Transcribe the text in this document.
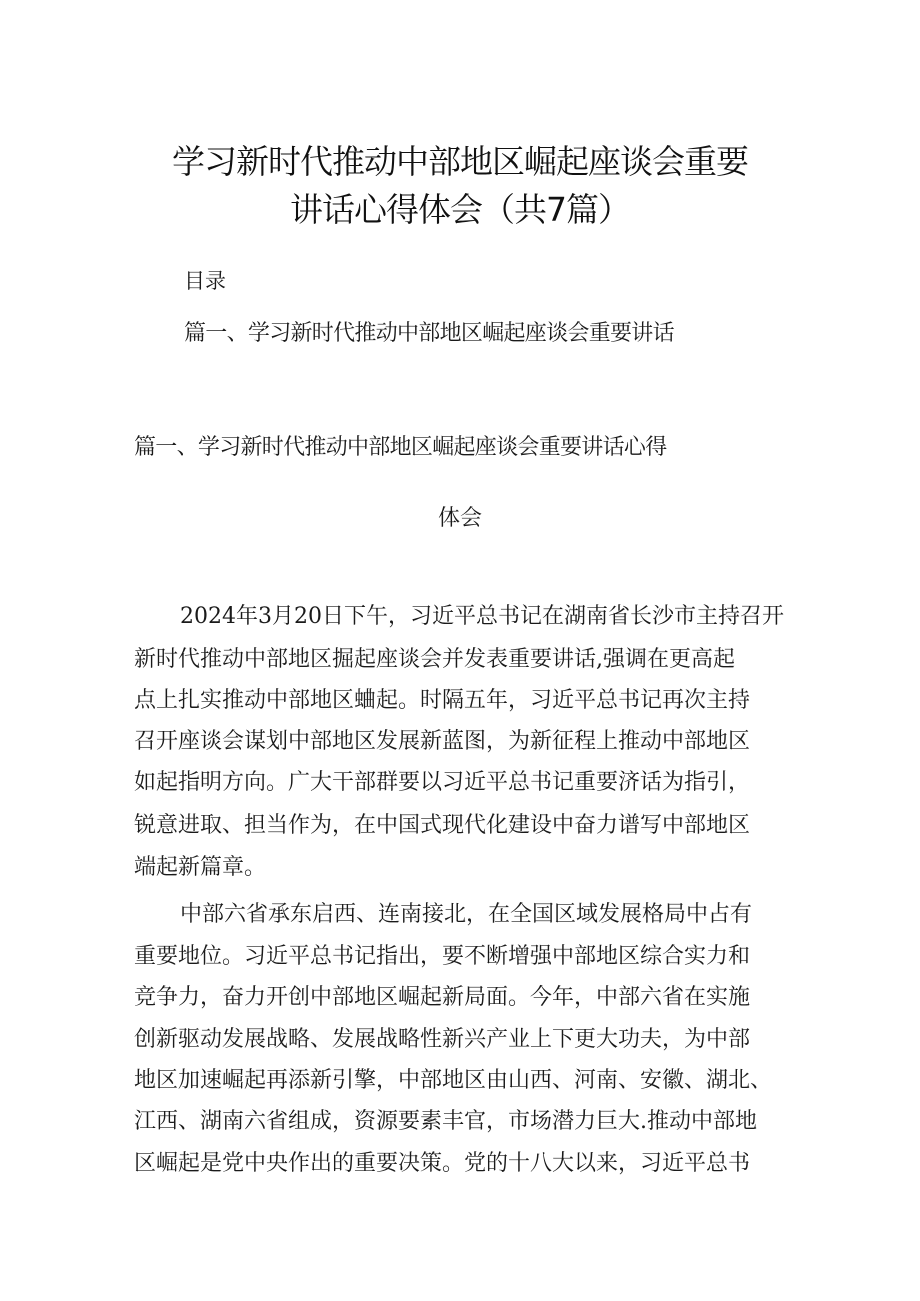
学习新时代推动中部地区崛起座谈会重要
讲话心得体会（共7篇）
目录
篇一、学习新时代推动中部地区崛起座谈会重要讲话
篇一、学习新时代推动中部地区崛起座谈会重要讲话心得
体会
2024年3月20日下午，习近平总书记在湖南省长沙市主持召开
新时代推动中部地区掘起座谈会并发表重要讲话,强调在更高起
点上扎实推动中部地区蛐起。时隔五年，习近平总书记再次主持
召开座谈会谋划中部地区发展新蓝图，为新征程上推动中部地区
如起指明方向。广大干部群要以习近平总书记重要济话为指引，
锐意进取、担当作为，在中国式现代化建设中奋力谱写中部地区
端起新篇章。
中部六省承东启西、连南接北，在全国区域发展格局中占有
重要地位。习近平总书记指出，要不断增强中部地区综合实力和
竞争力，奋力开创中部地区崛起新局面。今年，中部六省在实施
创新驱动发展战略、发展战略性新兴产业上下更大功夫，为中部
地区加速崛起再添新引擎，中部地区由山西、河南、安徽、湖北、
江西、湖南六省组成，资源要素丰官，市场潜力巨大.推动中部地
区崛起是党中央作出的重要决策。党的十八大以来，习近平总书
